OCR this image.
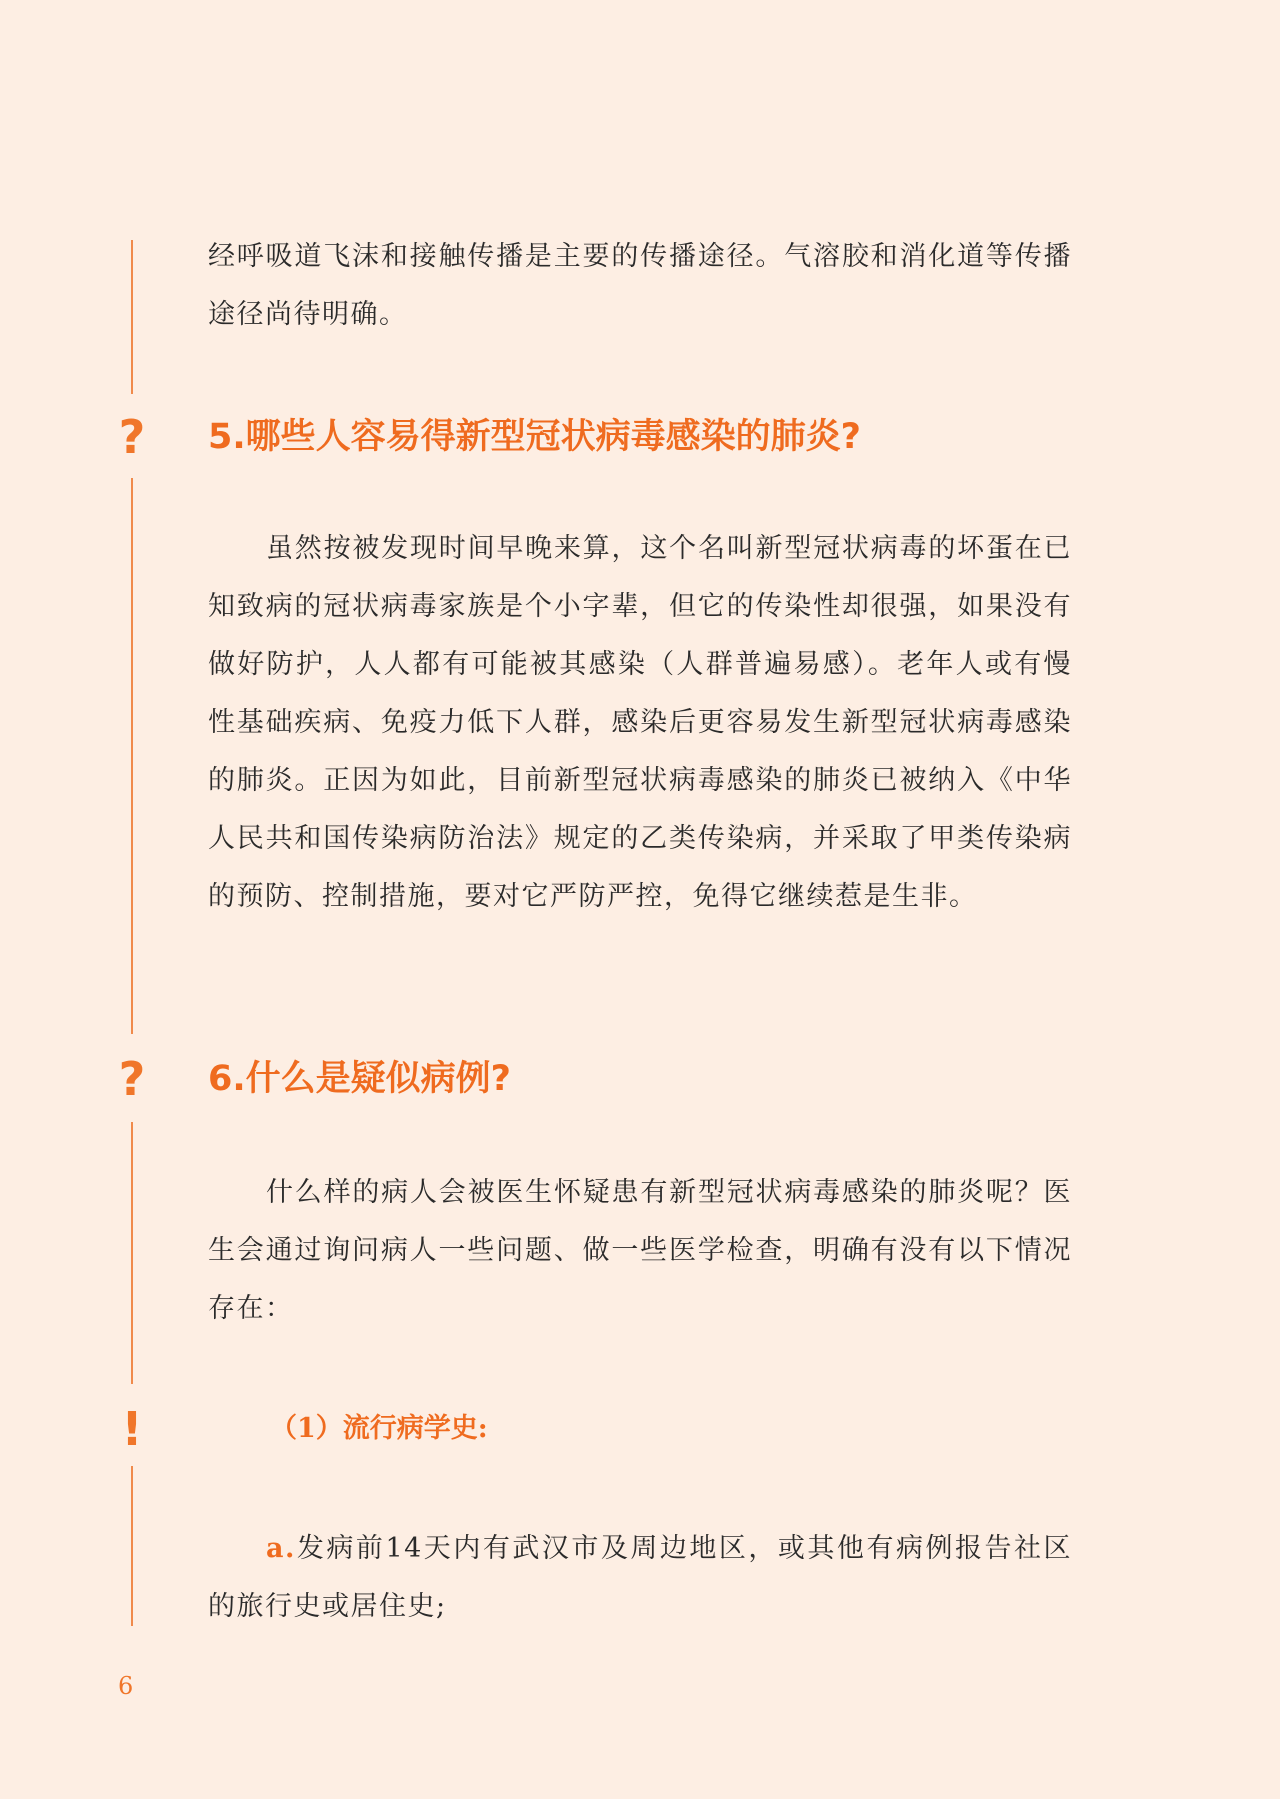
?
?
!

经呼吸道飞沫和接触传播是主要的传播途径。气溶胶和消化道等传播途径尚待明确。

5.哪些人容易得新型冠状病毒感染的肺炎?

虽然按被发现时间早晚来算，这个名叫新型冠状病毒的坏蛋在已知致病的冠状病毒家族是个小字辈，但它的传染性却很强，如果没有做好防护，人人都有可能被其感染（人群普遍易感）。老年人或有慢性基础疾病、免疫力低下人群，感染后更容易发生新型冠状病毒感染的肺炎。正因为如此，目前新型冠状病毒感染的肺炎已被纳入《中华人民共和国传染病防治法》规定的乙类传染病，并采取了甲类传染病的预防、控制措施，要对它严防严控，免得它继续惹是生非。

6.什么是疑似病例?

什么样的病人会被医生怀疑患有新型冠状病毒感染的肺炎呢？医生会通过询问病人一些问题、做一些医学检查，明确有没有以下情况存在：

（1）流行病学史:

a.发病前14天内有武汉市及周边地区，或其他有病例报告社区的旅行史或居住史;

6
